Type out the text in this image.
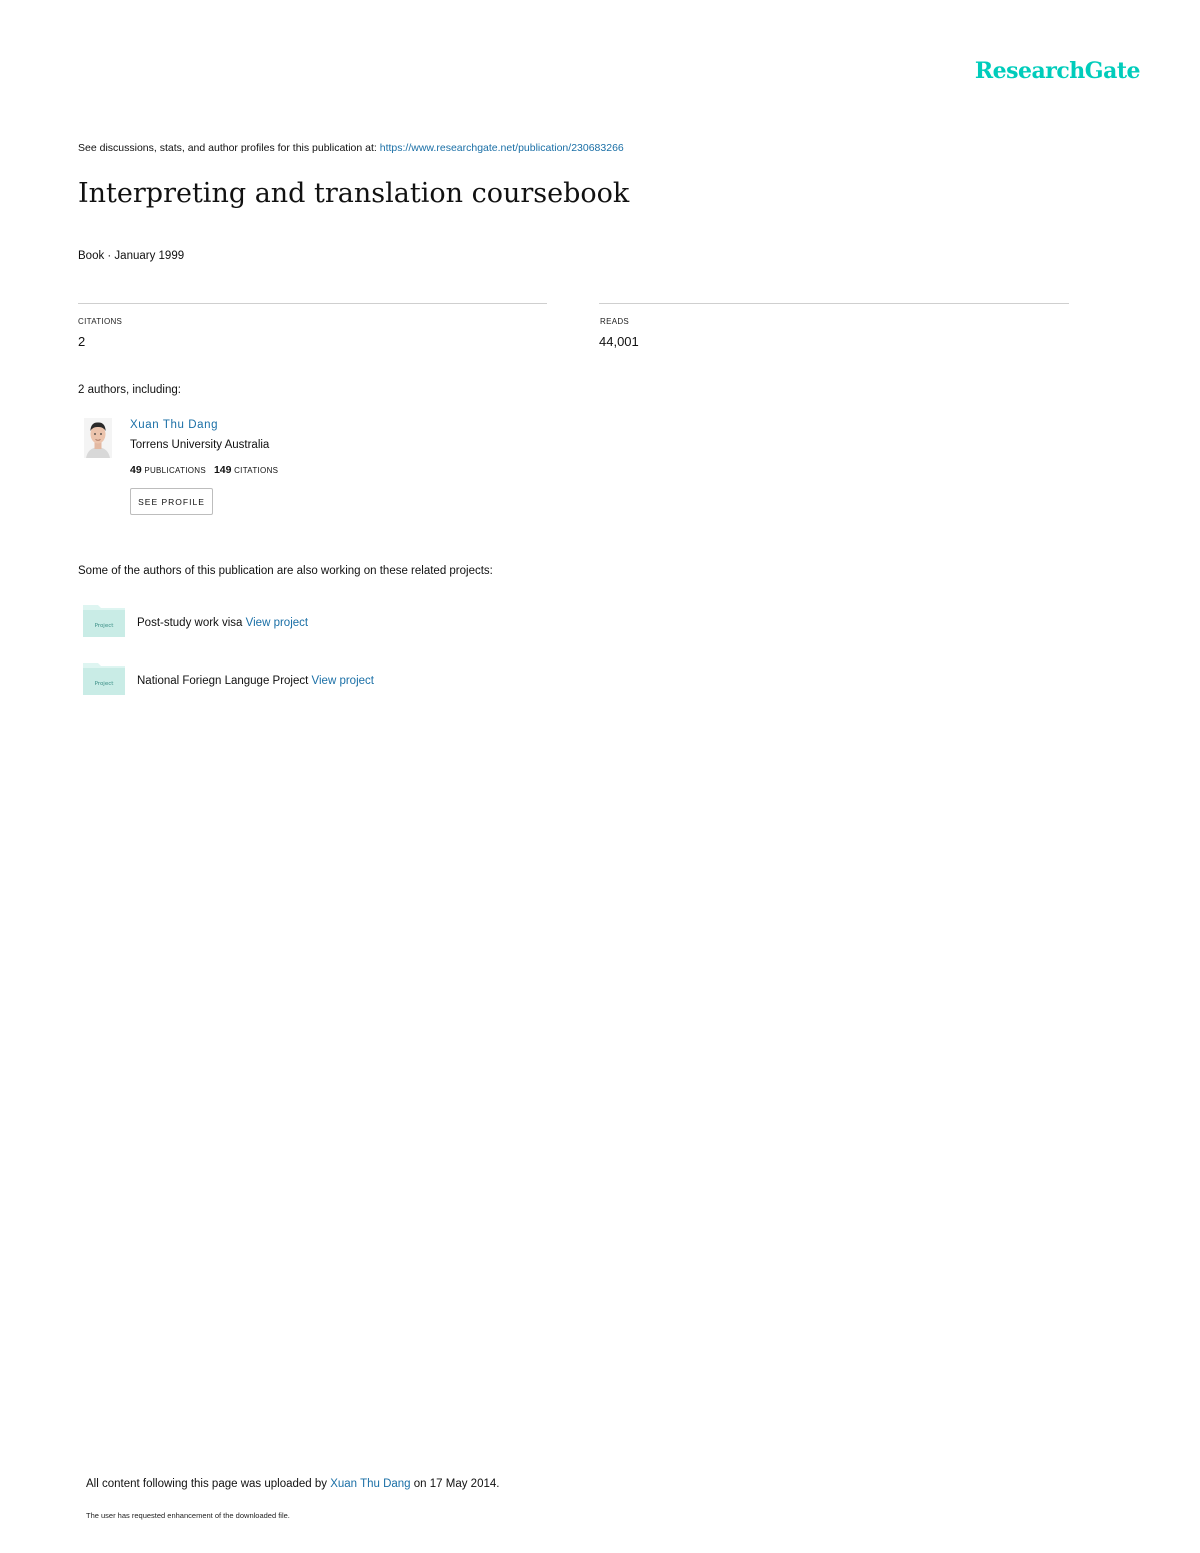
ResearchGate
See discussions, stats, and author profiles for this publication at: https://www.researchgate.net/publication/230683266
Interpreting and translation coursebook
Book · January 1999
CITATIONS
2
READS
44,001
2 authors, including:
Xuan Thu Dang
Torrens University Australia
49 PUBLICATIONS 149 CITATIONS
SEE PROFILE
Some of the authors of this publication are also working on these related projects:
Project Post-study work visa View project
Project National Foriegn Languge Project View project
All content following this page was uploaded by Xuan Thu Dang on 17 May 2014.
The user has requested enhancement of the downloaded file.
